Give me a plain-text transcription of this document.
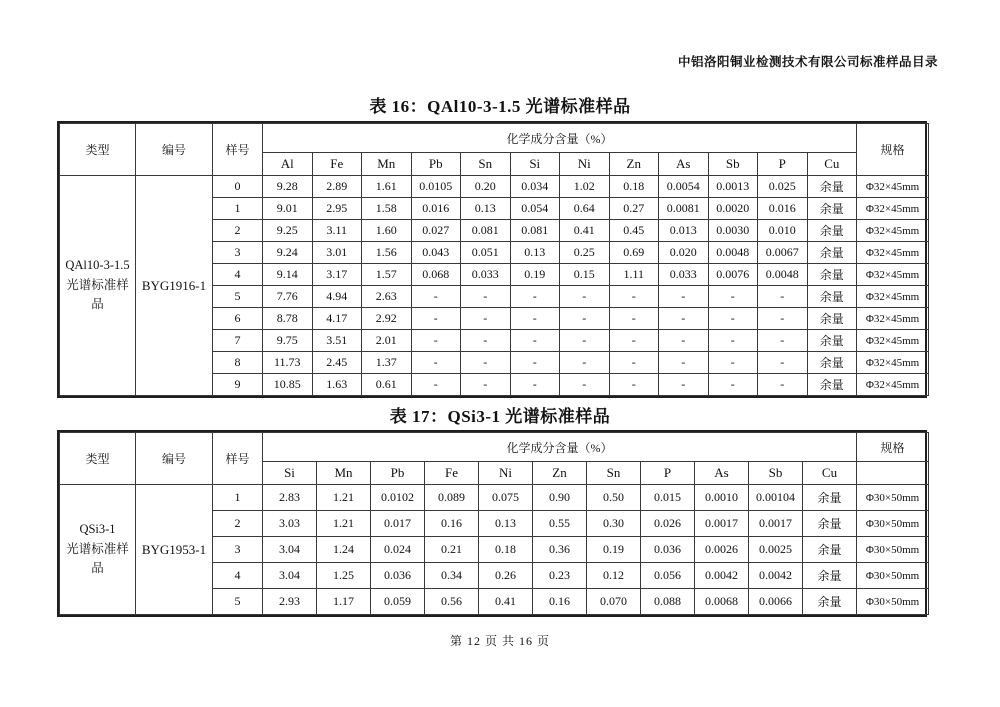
中铝洛阳铜业检测技术有限公司标准样品目录
表 16：QAl10-3-1.5 光谱标准样品
类型	编号	样号	化学成分含量（%）												规格
			Al	Fe	Mn	Pb	Sn	Si	Ni	Zn	As	Sb	P	Cu	

QAl10-3-1.5
光谱标准样品	BYG1916-1	0	9.28	2.89	1.61	0.0105	0.20	0.034	1.02	0.18	0.0054	0.0013	0.025	余量	Φ32×45mm
		1	9.01	2.95	1.58	0.016	0.13	0.054	0.64	0.27	0.0081	0.0020	0.016	余量	Φ32×45mm
		2	9.25	3.11	1.60	0.027	0.081	0.081	0.41	0.45	0.013	0.0030	0.010	余量	Φ32×45mm
		3	9.24	3.01	1.56	0.043	0.051	0.13	0.25	0.69	0.020	0.0048	0.0067	余量	Φ32×45mm
		4	9.14	3.17	1.57	0.068	0.033	0.19	0.15	1.11	0.033	0.0076	0.0048	余量	Φ32×45mm
		5	7.76	4.94	2.63	-	-	-	-	-	-	-	-	余量	Φ32×45mm
		6	8.78	4.17	2.92	-	-	-	-	-	-	-	-	余量	Φ32×45mm
		7	9.75	3.51	2.01	-	-	-	-	-	-	-	-	余量	Φ32×45mm
		8	11.73	2.45	1.37	-	-	-	-	-	-	-	-	余量	Φ32×45mm
		9	10.85	1.63	0.61	-	-	-	-	-	-	-	-	余量	Φ32×45mm
表 17：QSi3-1 光谱标准样品
类型	编号	样号	化学成分含量（%）											规格
			Si	Mn	Pb	Fe	Ni	Zn	Sn	P	As	Sb	Cu	

QSi3-1
光谱标准样品	BYG1953-1	1	2.83	1.21	0.0102	0.089	0.075	0.90	0.50	0.015	0.0010	0.00104	余量	Φ30×50mm
		2	3.03	1.21	0.017	0.16	0.13	0.55	0.30	0.026	0.0017	0.0017	余量	Φ30×50mm
		3	3.04	1.24	0.024	0.21	0.18	0.36	0.19	0.036	0.0026	0.0025	余量	Φ30×50mm
		4	3.04	1.25	0.036	0.34	0.26	0.23	0.12	0.056	0.0042	0.0042	余量	Φ30×50mm
		5	2.93	1.17	0.059	0.56	0.41	0.16	0.070	0.088	0.0068	0.0066	余量	Φ30×50mm
第 12 页 共 16 页
